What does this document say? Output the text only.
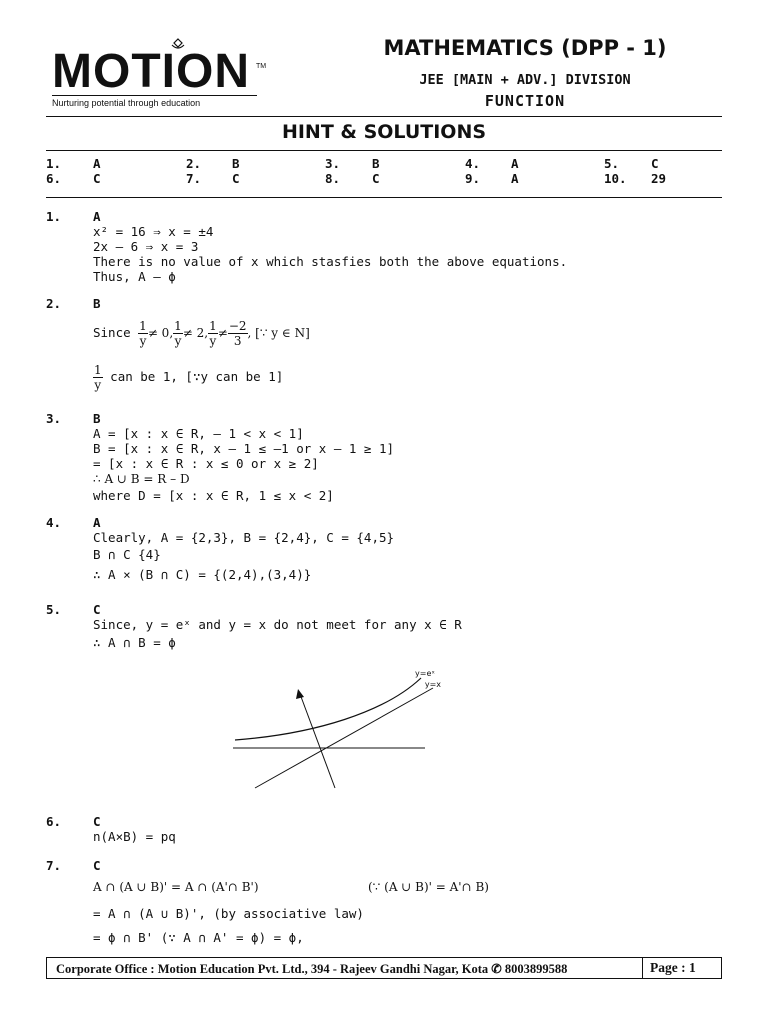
MOTION TM
Nurturing potential through education
MATHEMATICS (DPP - 1)
JEE [MAIN + ADV.] DIVISION
FUNCTION
HINT & SOLUTIONS
1.	A	2. B	3.	B	4. A	5.	C
6.	C	7. C	8.	C	9. A	10. 29
1.	A
x² = 16 ⇒ x = ±4
2x – 6 ⇒ x = 3
There is no value of x which stasfies both the above equations.
Thus, A – ϕ
2.	B
Since $\frac{1}{y} \ne 0$, $\frac{1}{y} \ne 2$, $\frac{1}{y} \ne \frac{-2}{3}$ , [∵ y ∈ N]
$\frac{1}{y}$ can be 1, [∵y can be 1]
3.	B
A = [x : x ∈ R, – 1 < x < 1]
B = [x : x ∈ R, x – 1 ≤ –1 or x – 1 ≥ 1]
= [x : x ∈ R : x ≤ 0 or x ≥ 2]
∴ A ∪ B = R – D
where D = [x : x ∈ R, 1 ≤ x < 2]
4.	A
Clearly, A = {2,3}, B = {2,4}, C = {4,5}
B ∩ C {4}
∴ A × (B ∩ C) = {(2,4),(3,4)}
5.	C
Since, y = eˣ and y = x do not meet for any x ∈ R
∴ A ∩ B = ϕ
y=eˣ
y=x
6.	C
n(A×B) = pq
7.	C
A ∩ (A ∪ B)' = A ∩ (A'∩ B')	(∵ (A ∪ B)' = A'∩ B)
= A ∩ (A ∪ B)', (by associative law)
= ϕ ∩ B' (∵ A ∩ A' = ϕ) = ϕ,
Corporate Office : Motion Education Pvt. Ltd., 394 - Rajeev Gandhi Nagar, Kota ✆ 8003899588	Page : 1
